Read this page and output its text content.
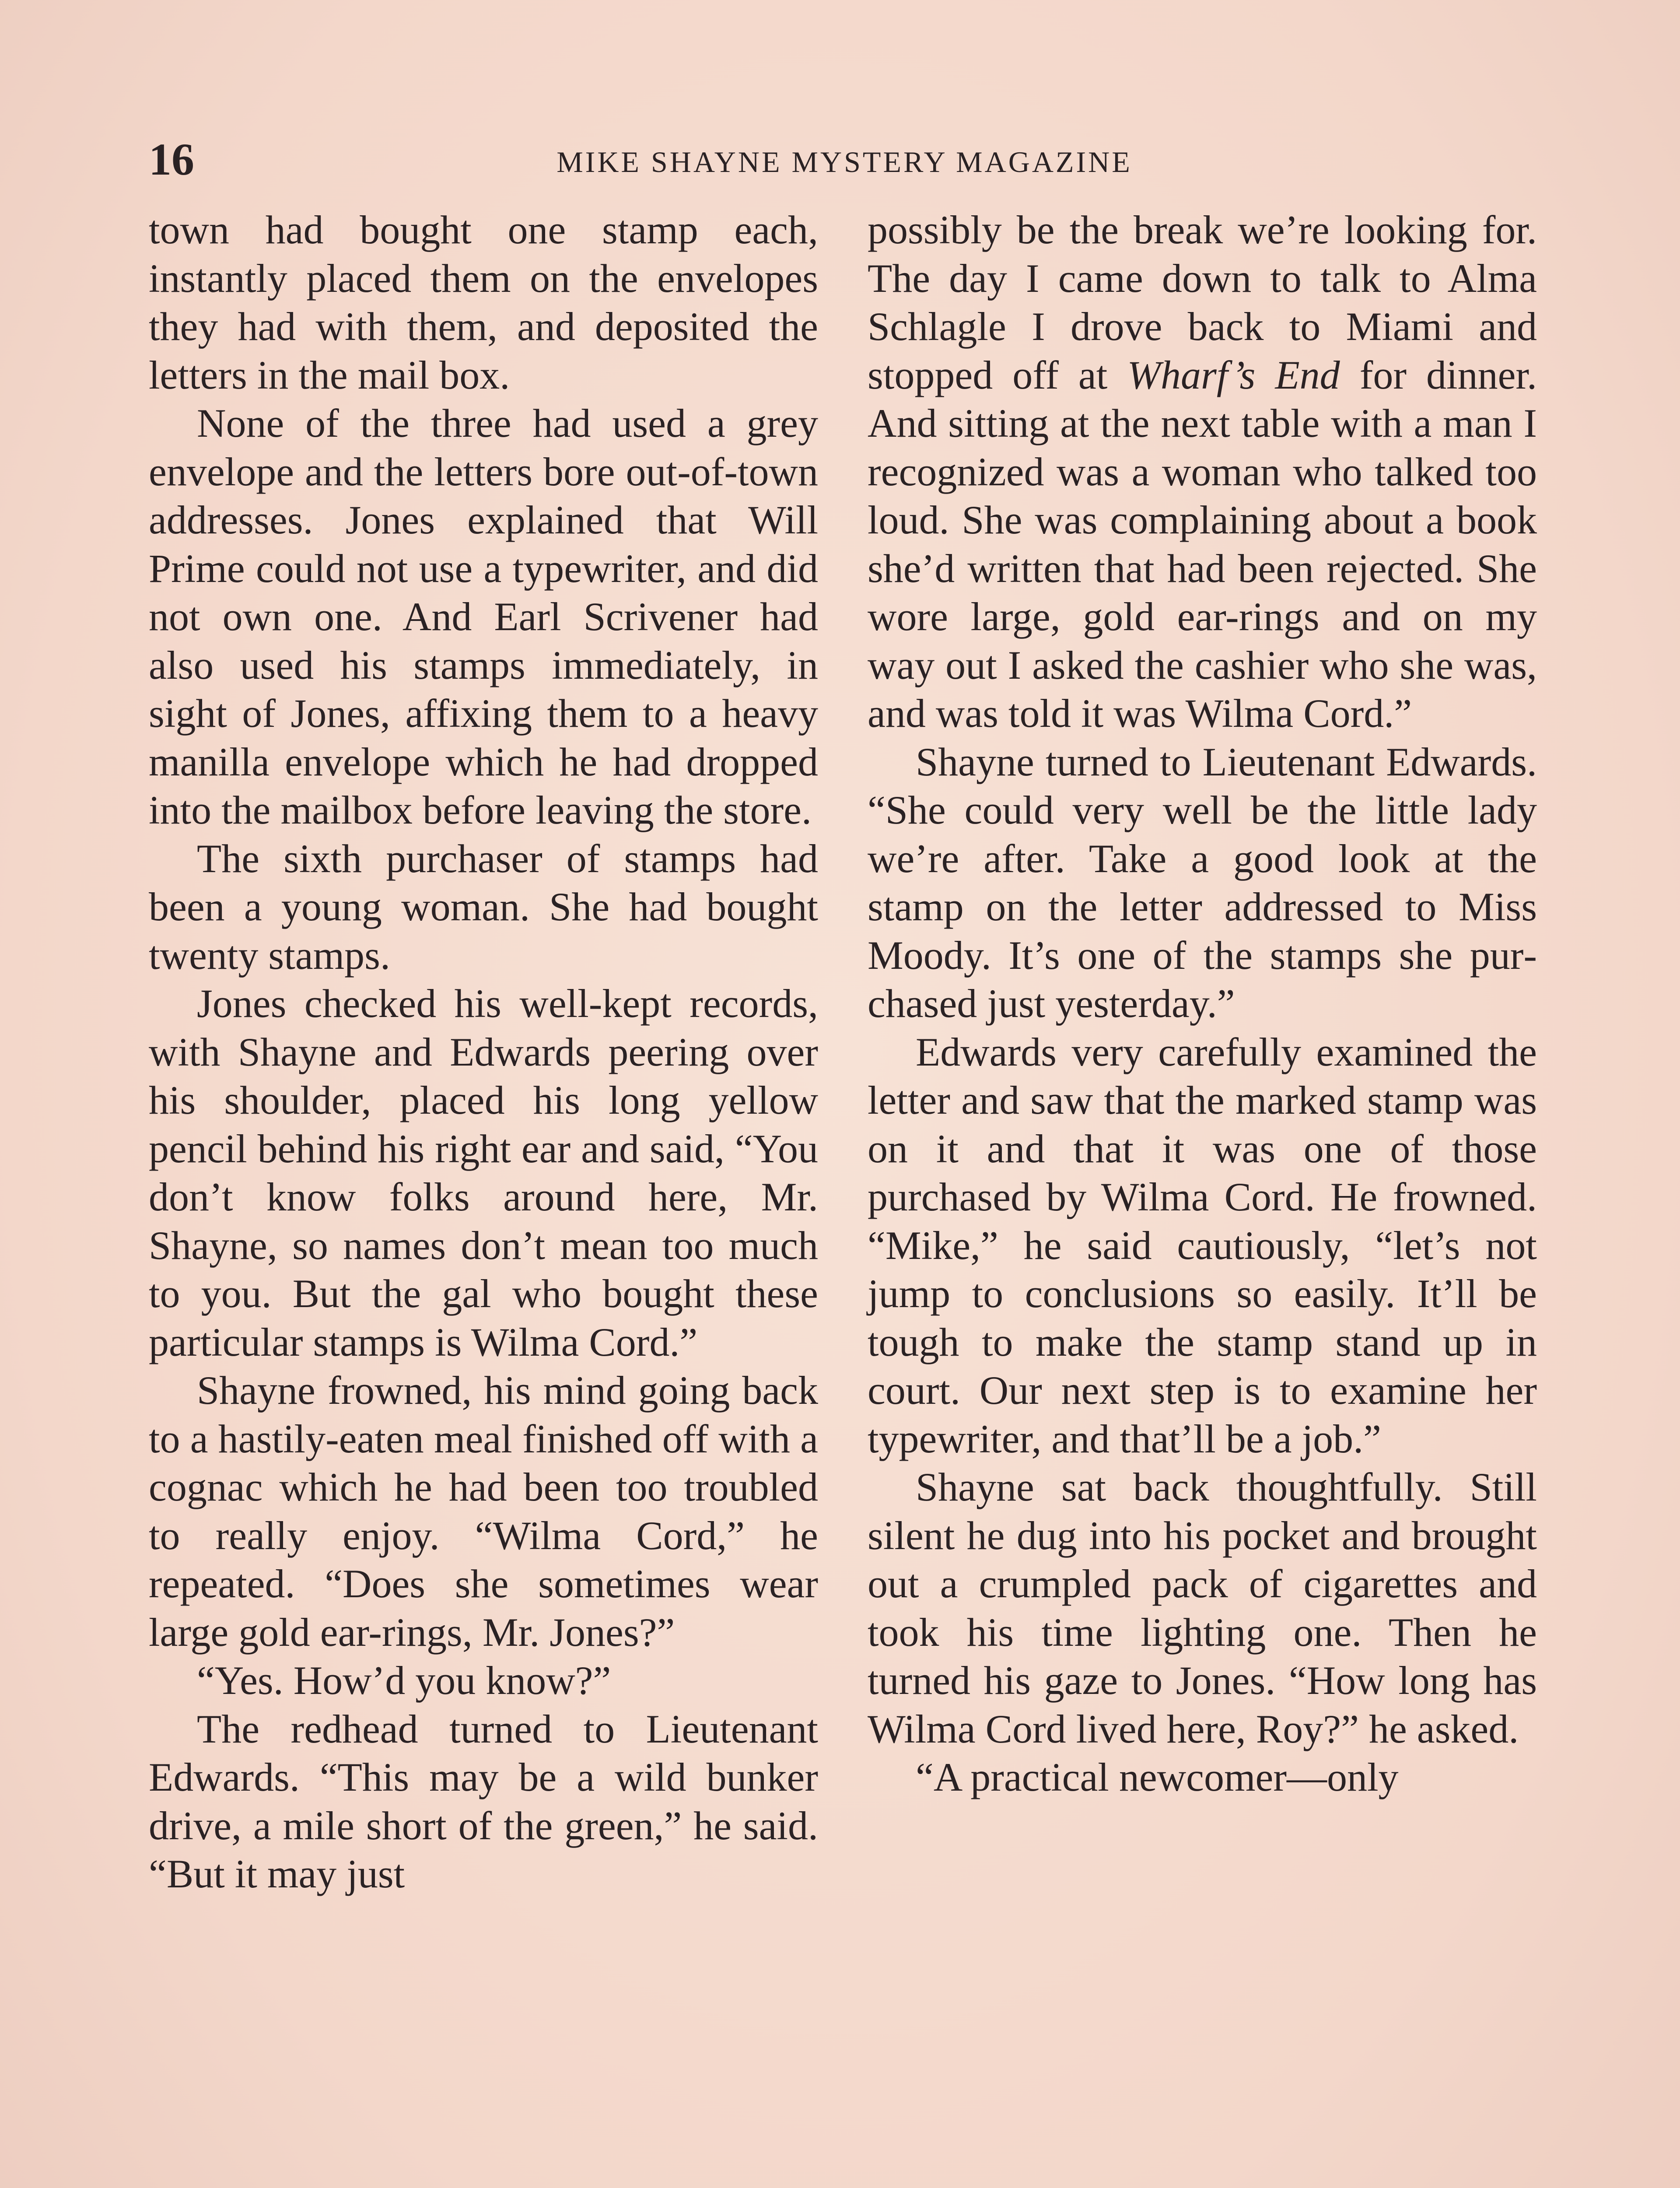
16	MIKE SHAYNE MYSTERY MAGAZINE

town had bought one stamp each, instantly placed them on the envelopes they had with them, and deposited the letters in the mail box.

None of the three had used a grey envelope and the letters bore out-of-town addresses. Jones explained that Will Prime could not use a typewriter, and did not own one. And Earl Scrivener had also used his stamps immediately, in sight of Jones, affixing them to a heavy manilla envelope which he had dropped into the mailbox before leaving the store.

The sixth purchaser of stamps had been a young woman. She had bought twenty stamps.

Jones checked his well-kept records, with Shayne and Edwards peering over his shoulder, placed his long yellow pencil behind his right ear and said, “You don’t know folks around here, Mr. Shayne, so names don’t mean too much to you. But the gal who bought these particular stamps is Wilma Cord.”

Shayne frowned, his mind going back to a hastily-eaten meal finished off with a cognac which he had been too troubled to really enjoy. “Wilma Cord,” he repeated. “Does she sometimes wear large gold ear-rings, Mr. Jones?”

“Yes. How’d you know?”

The redhead turned to Lieutenant Edwards. “This may be a wild bunker drive, a mile short of the green,” he said. “But it may just

possibly be the break we’re looking for. The day I came down to talk to Alma Schlagle I drove back to Miami and stopped off at Wharf’s End for dinner. And sitting at the next table with a man I recognized was a woman who talked too loud. She was complaining about a book she’d written that had been rejected. She wore large, gold ear-rings and on my way out I asked the cashier who she was, and was told it was Wilma Cord.”

Shayne turned to Lieutenant Edwards. “She could very well be the little lady we’re after. Take a good look at the stamp on the letter addressed to Miss Moody. It’s one of the stamps she purchased just yesterday.”

Edwards very carefully examined the letter and saw that the marked stamp was on it and that it was one of those purchased by Wilma Cord. He frowned. “Mike,” he said cautiously, “let’s not jump to conclusions so easily. It’ll be tough to make the stamp stand up in court. Our next step is to examine her typewriter, and that’ll be a job.”

Shayne sat back thoughtfully. Still silent he dug into his pocket and brought out a crumpled pack of cigarettes and took his time lighting one. Then he turned his gaze to Jones. “How long has Wilma Cord lived here, Roy?” he asked.

“A practical newcomer—only
